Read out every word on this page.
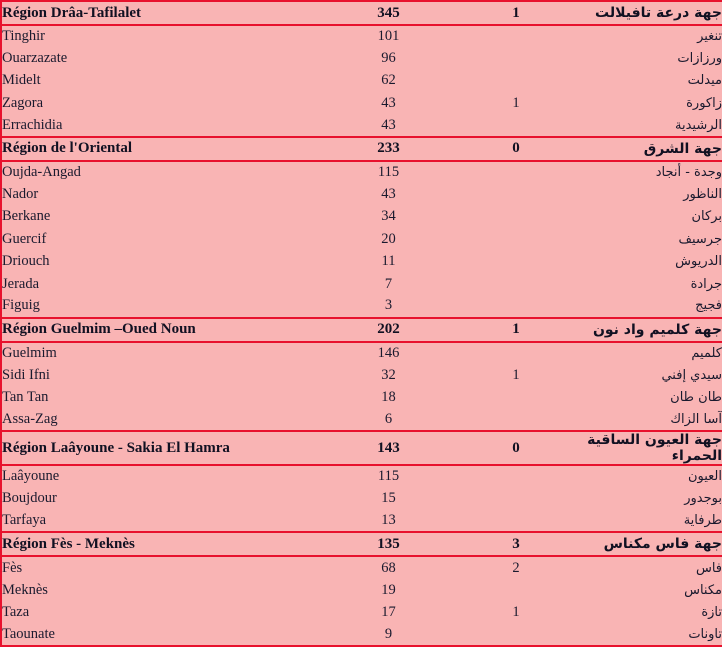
Région Drâa-Tafilalet	345	1	جهة درعة تافيلالت
Tinghir	101		تنغير
Ouarzazate	96		ورزازات
Midelt	62		ميدلت
Zagora	43	1	زاكورة
Errachidia	43		الرشيدية
Région de l'Oriental	233	0	جهة الشرق
Oujda-Angad	115		وجدة - أنجاد
Nador	43		الناظور
Berkane	34		بركان
Guercif	20		جرسيف
Driouch	11		الدريوش
Jerada	7		جرادة
Figuig	3		فجيج
Région Guelmim –Oued Noun	202	1	جهة كلميم واد نون
Guelmim	146		كلميم
Sidi Ifni	32	1	سيدي إفني
Tan Tan	18		طان طان
Assa-Zag	6		آسا الزاك
Région Laâyoune - Sakia El Hamra	143	0	جهة العيون الساقية الحمراء
Laâyoune	115		العيون
Boujdour	15		بوجدور
Tarfaya	13		طرفاية
Région Fès - Meknès	135	3	جهة فاس مكناس
Fès	68	2	فاس
Meknès	19		مكناس
Taza	17	1	تازة
Taounate	9		تاونات
